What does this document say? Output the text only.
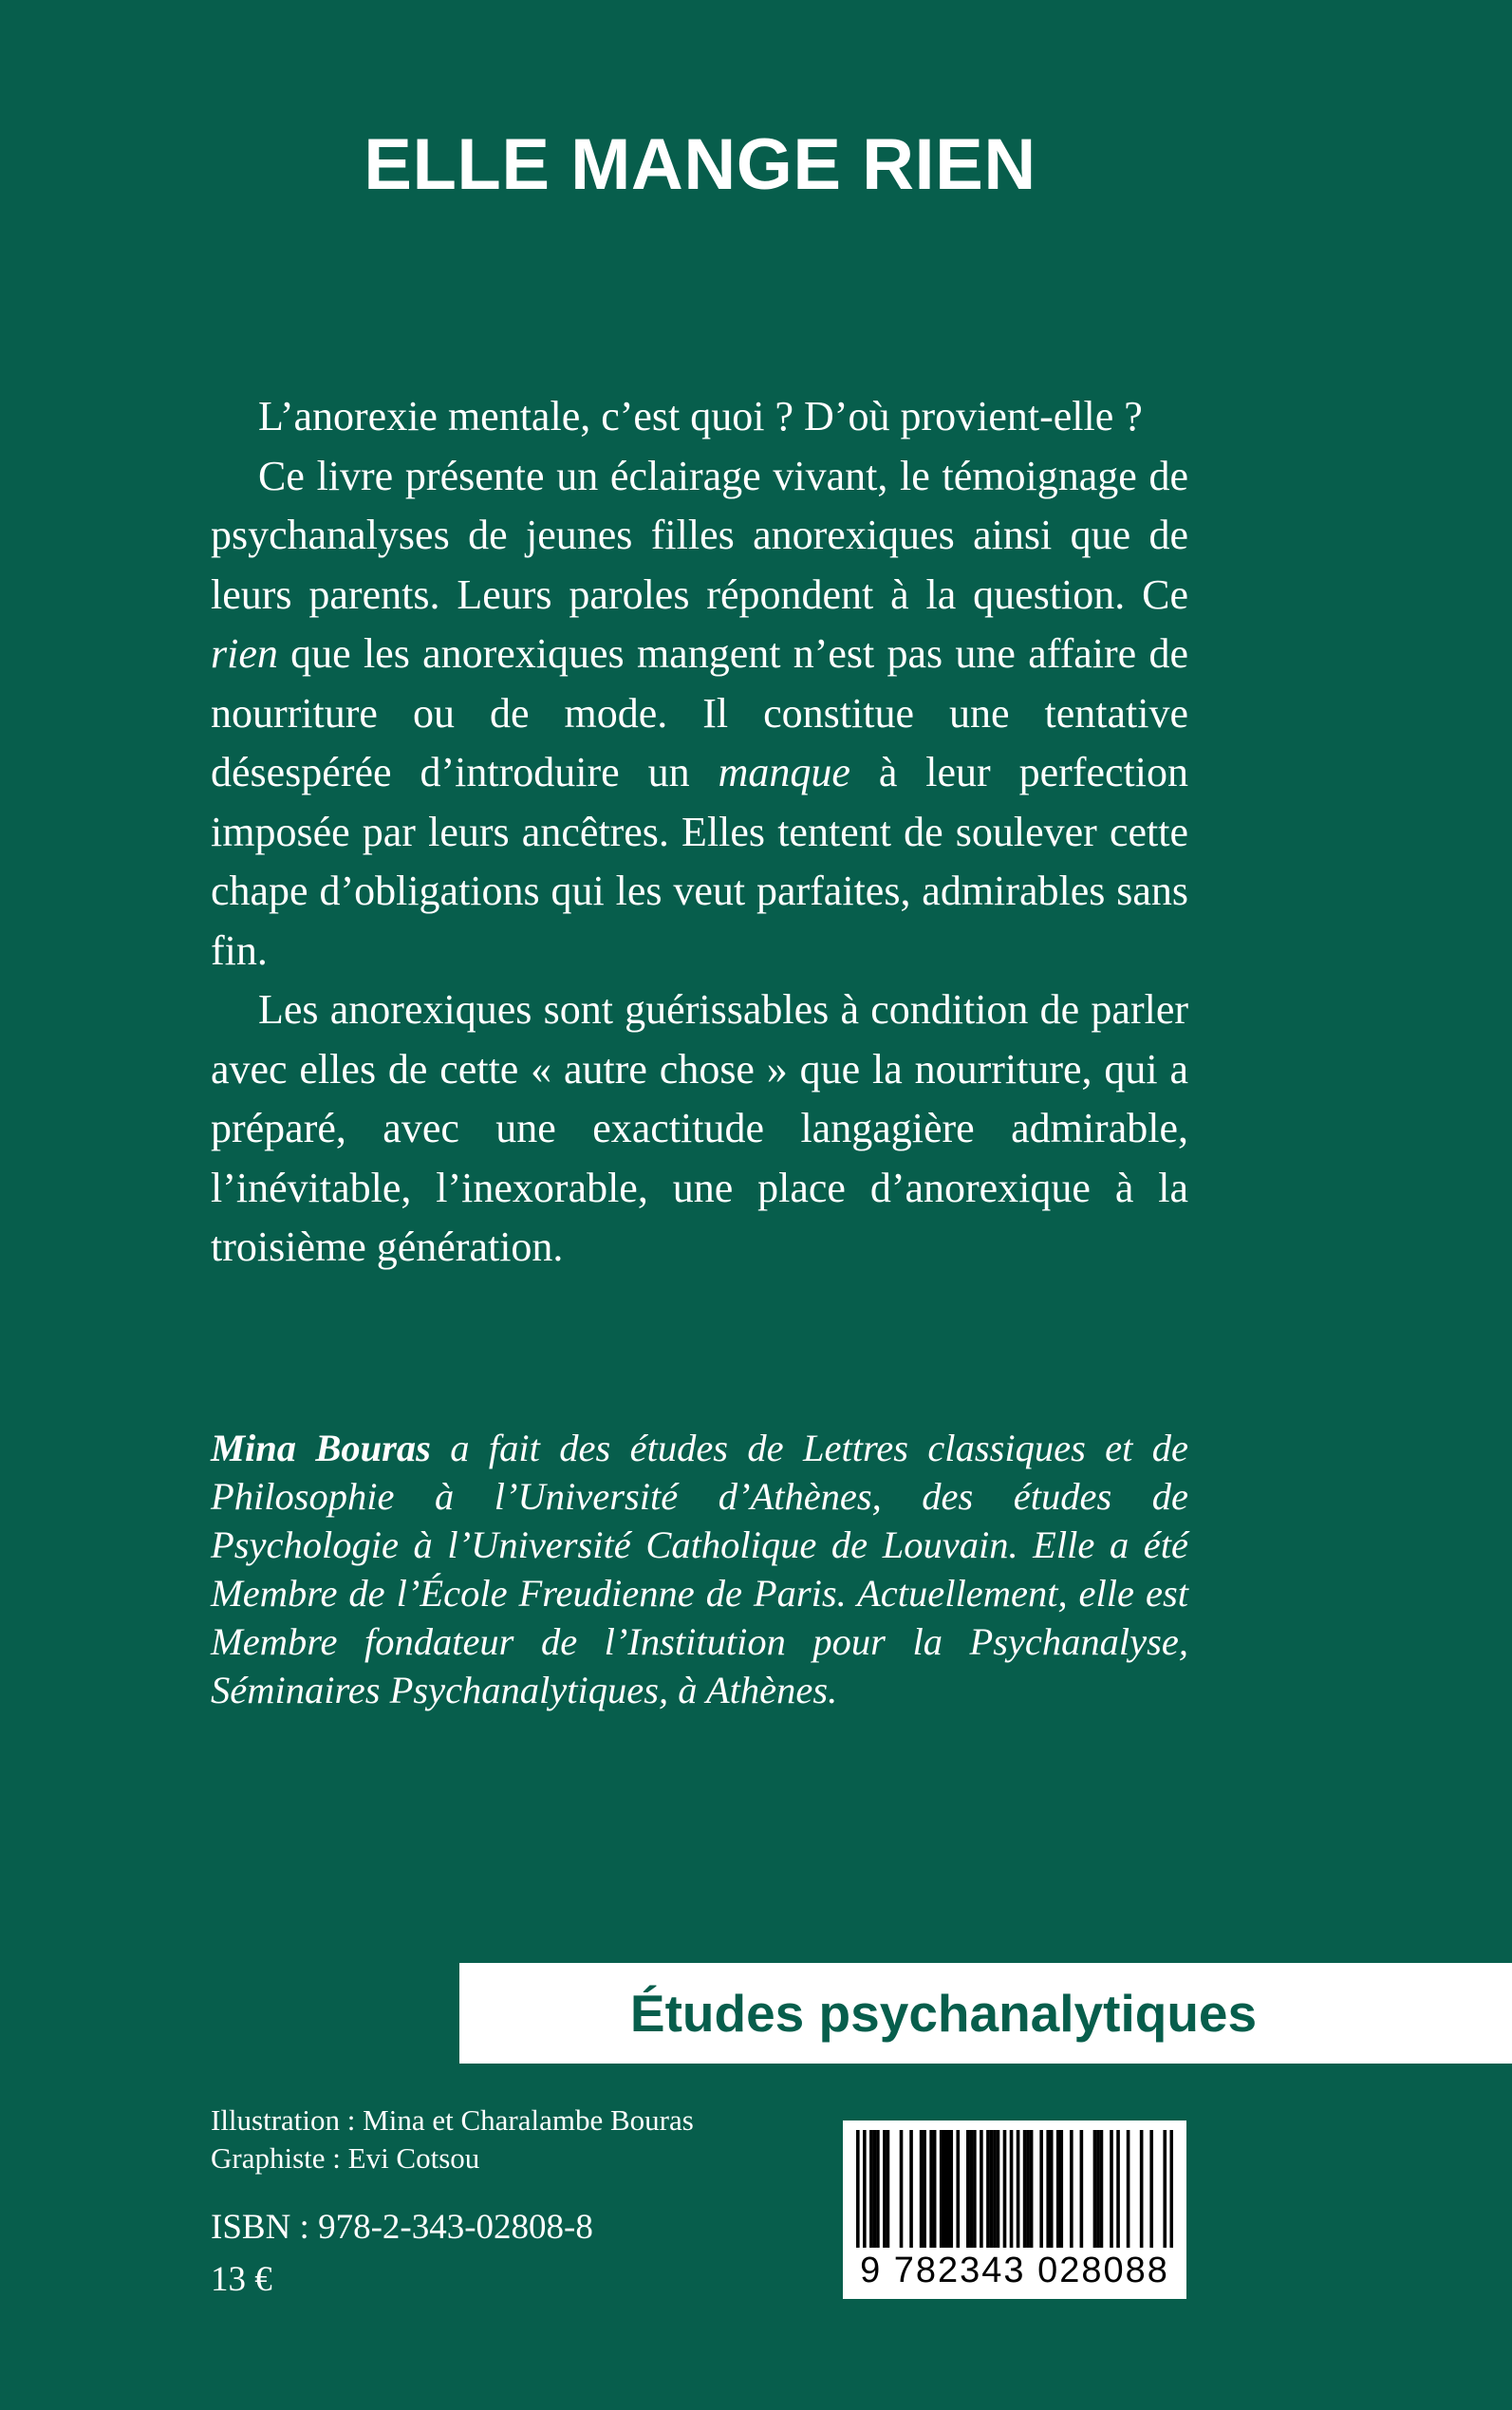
ELLE MANGE RIEN

L’anorexie mentale, c’est quoi ? D’où provient-elle ?

Ce livre présente un éclairage vivant, le témoignage de psychanalyses de jeunes filles anorexiques ainsi que de leurs parents. Leurs paroles répondent à la question. Ce rien que les anorexiques mangent n’est pas une affaire de nourriture ou de mode. Il constitue une tentative désespérée d’introduire un manque à leur perfection imposée par leurs ancêtres. Elles tentent de soulever cette chape d’obligations qui les veut parfaites, admirables sans fin.

Les anorexiques sont guérissables à condition de parler avec elles de cette « autre chose » que la nourriture, qui a préparé, avec une exactitude langagière admirable, l’inévitable, l’inexorable, une place d’anorexique à la troisième génération.

Mina Bouras a fait des études de Lettres classiques et de Philosophie à l’Université d’Athènes, des études de Psychologie à l’Université Catholique de Louvain. Elle a été Membre de l’École Freudienne de Paris. Actuellement, elle est Membre fondateur de l’Institution pour la Psychanalyse, Séminaires Psychanalytiques, à Athènes.

Études psychanalytiques
Illustration : Mina et Charalambe Bouras
Graphiste : Evi Cotsou
ISBN : 978-2-343-02808-8
13 €	9 782343 028088
